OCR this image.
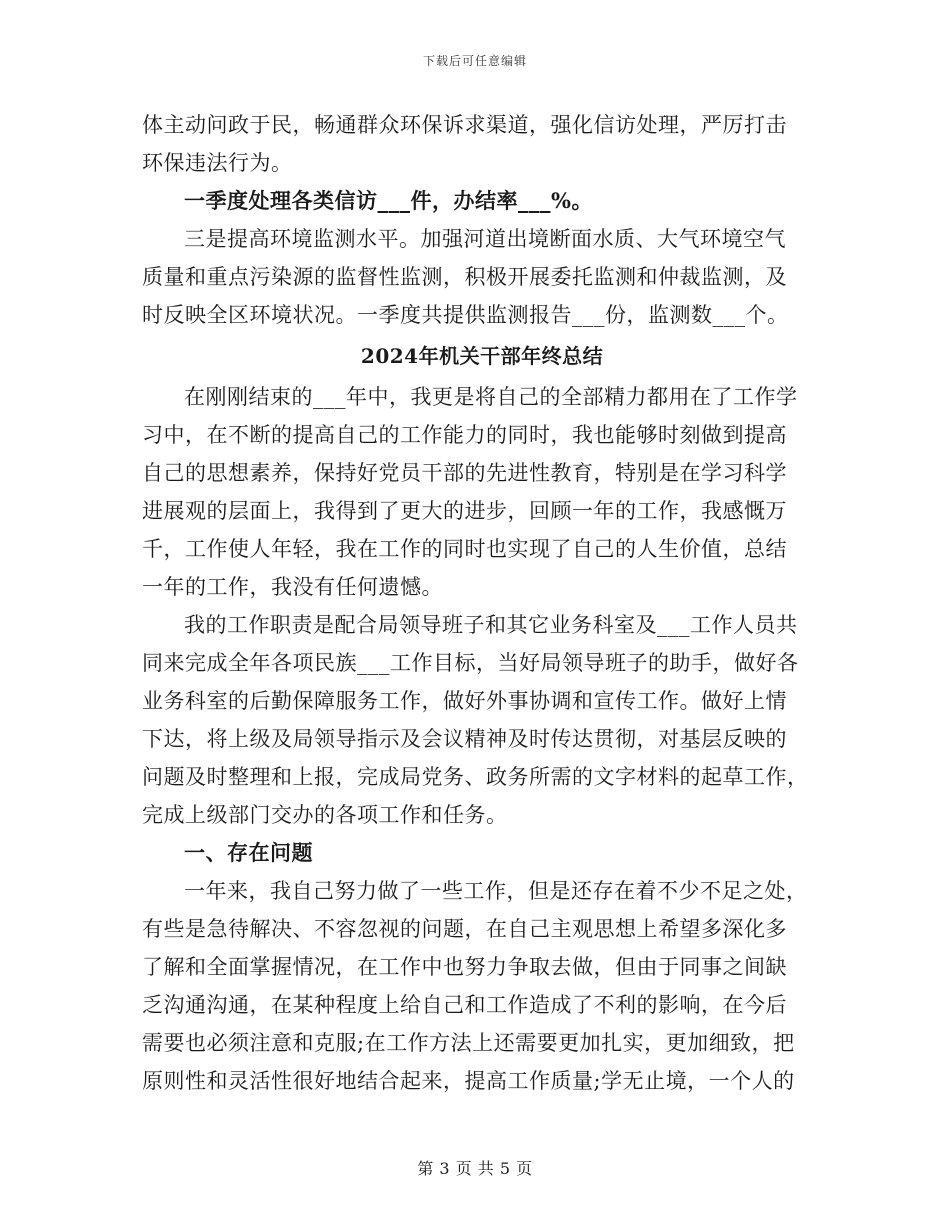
下载后可任意编辑
体主动问政于民，畅通群众环保诉求渠道，强化信访处理，严厉打击
环保违法行为。
一季度处理各类信访___件，办结率___%。
三是提高环境监测水平。加强河道出境断面水质、大气环境空气
质量和重点污染源的监督性监测，积极开展委托监测和仲裁监测，及
时反映全区环境状况。一季度共提供监测报告___份，监测数___个。
2024年机关干部年终总结
在刚刚结束的___年中，我更是将自己的全部精力都用在了工作学
习中，在不断的提高自己的工作能力的同时，我也能够时刻做到提高
自己的思想素养，保持好党员干部的先进性教育，特别是在学习科学
进展观的层面上，我得到了更大的进步，回顾一年的工作，我感慨万
千，工作使人年轻，我在工作的同时也实现了自己的人生价值，总结
一年的工作，我没有任何遗憾。
我的工作职责是配合局领导班子和其它业务科室及___工作人员共
同来完成全年各项民族___工作目标，当好局领导班子的助手，做好各
业务科室的后勤保障服务工作，做好外事协调和宣传工作。做好上情
下达，将上级及局领导指示及会议精神及时传达贯彻，对基层反映的
问题及时整理和上报，完成局党务、政务所需的文字材料的起草工作，
完成上级部门交办的各项工作和任务。
一、存在问题
一年来，我自己努力做了一些工作，但是还存在着不少不足之处，
有些是急待解决、不容忽视的问题，在自己主观思想上希望多深化多
了解和全面掌握情况，在工作中也努力争取去做，但由于同事之间缺
乏沟通沟通，在某种程度上给自己和工作造成了不利的影响，在今后
需要也必须注意和克服;在工作方法上还需要更加扎实，更加细致，把
原则性和灵活性很好地结合起来，提高工作质量;学无止境，一个人的
第 3 页 共 5 页
